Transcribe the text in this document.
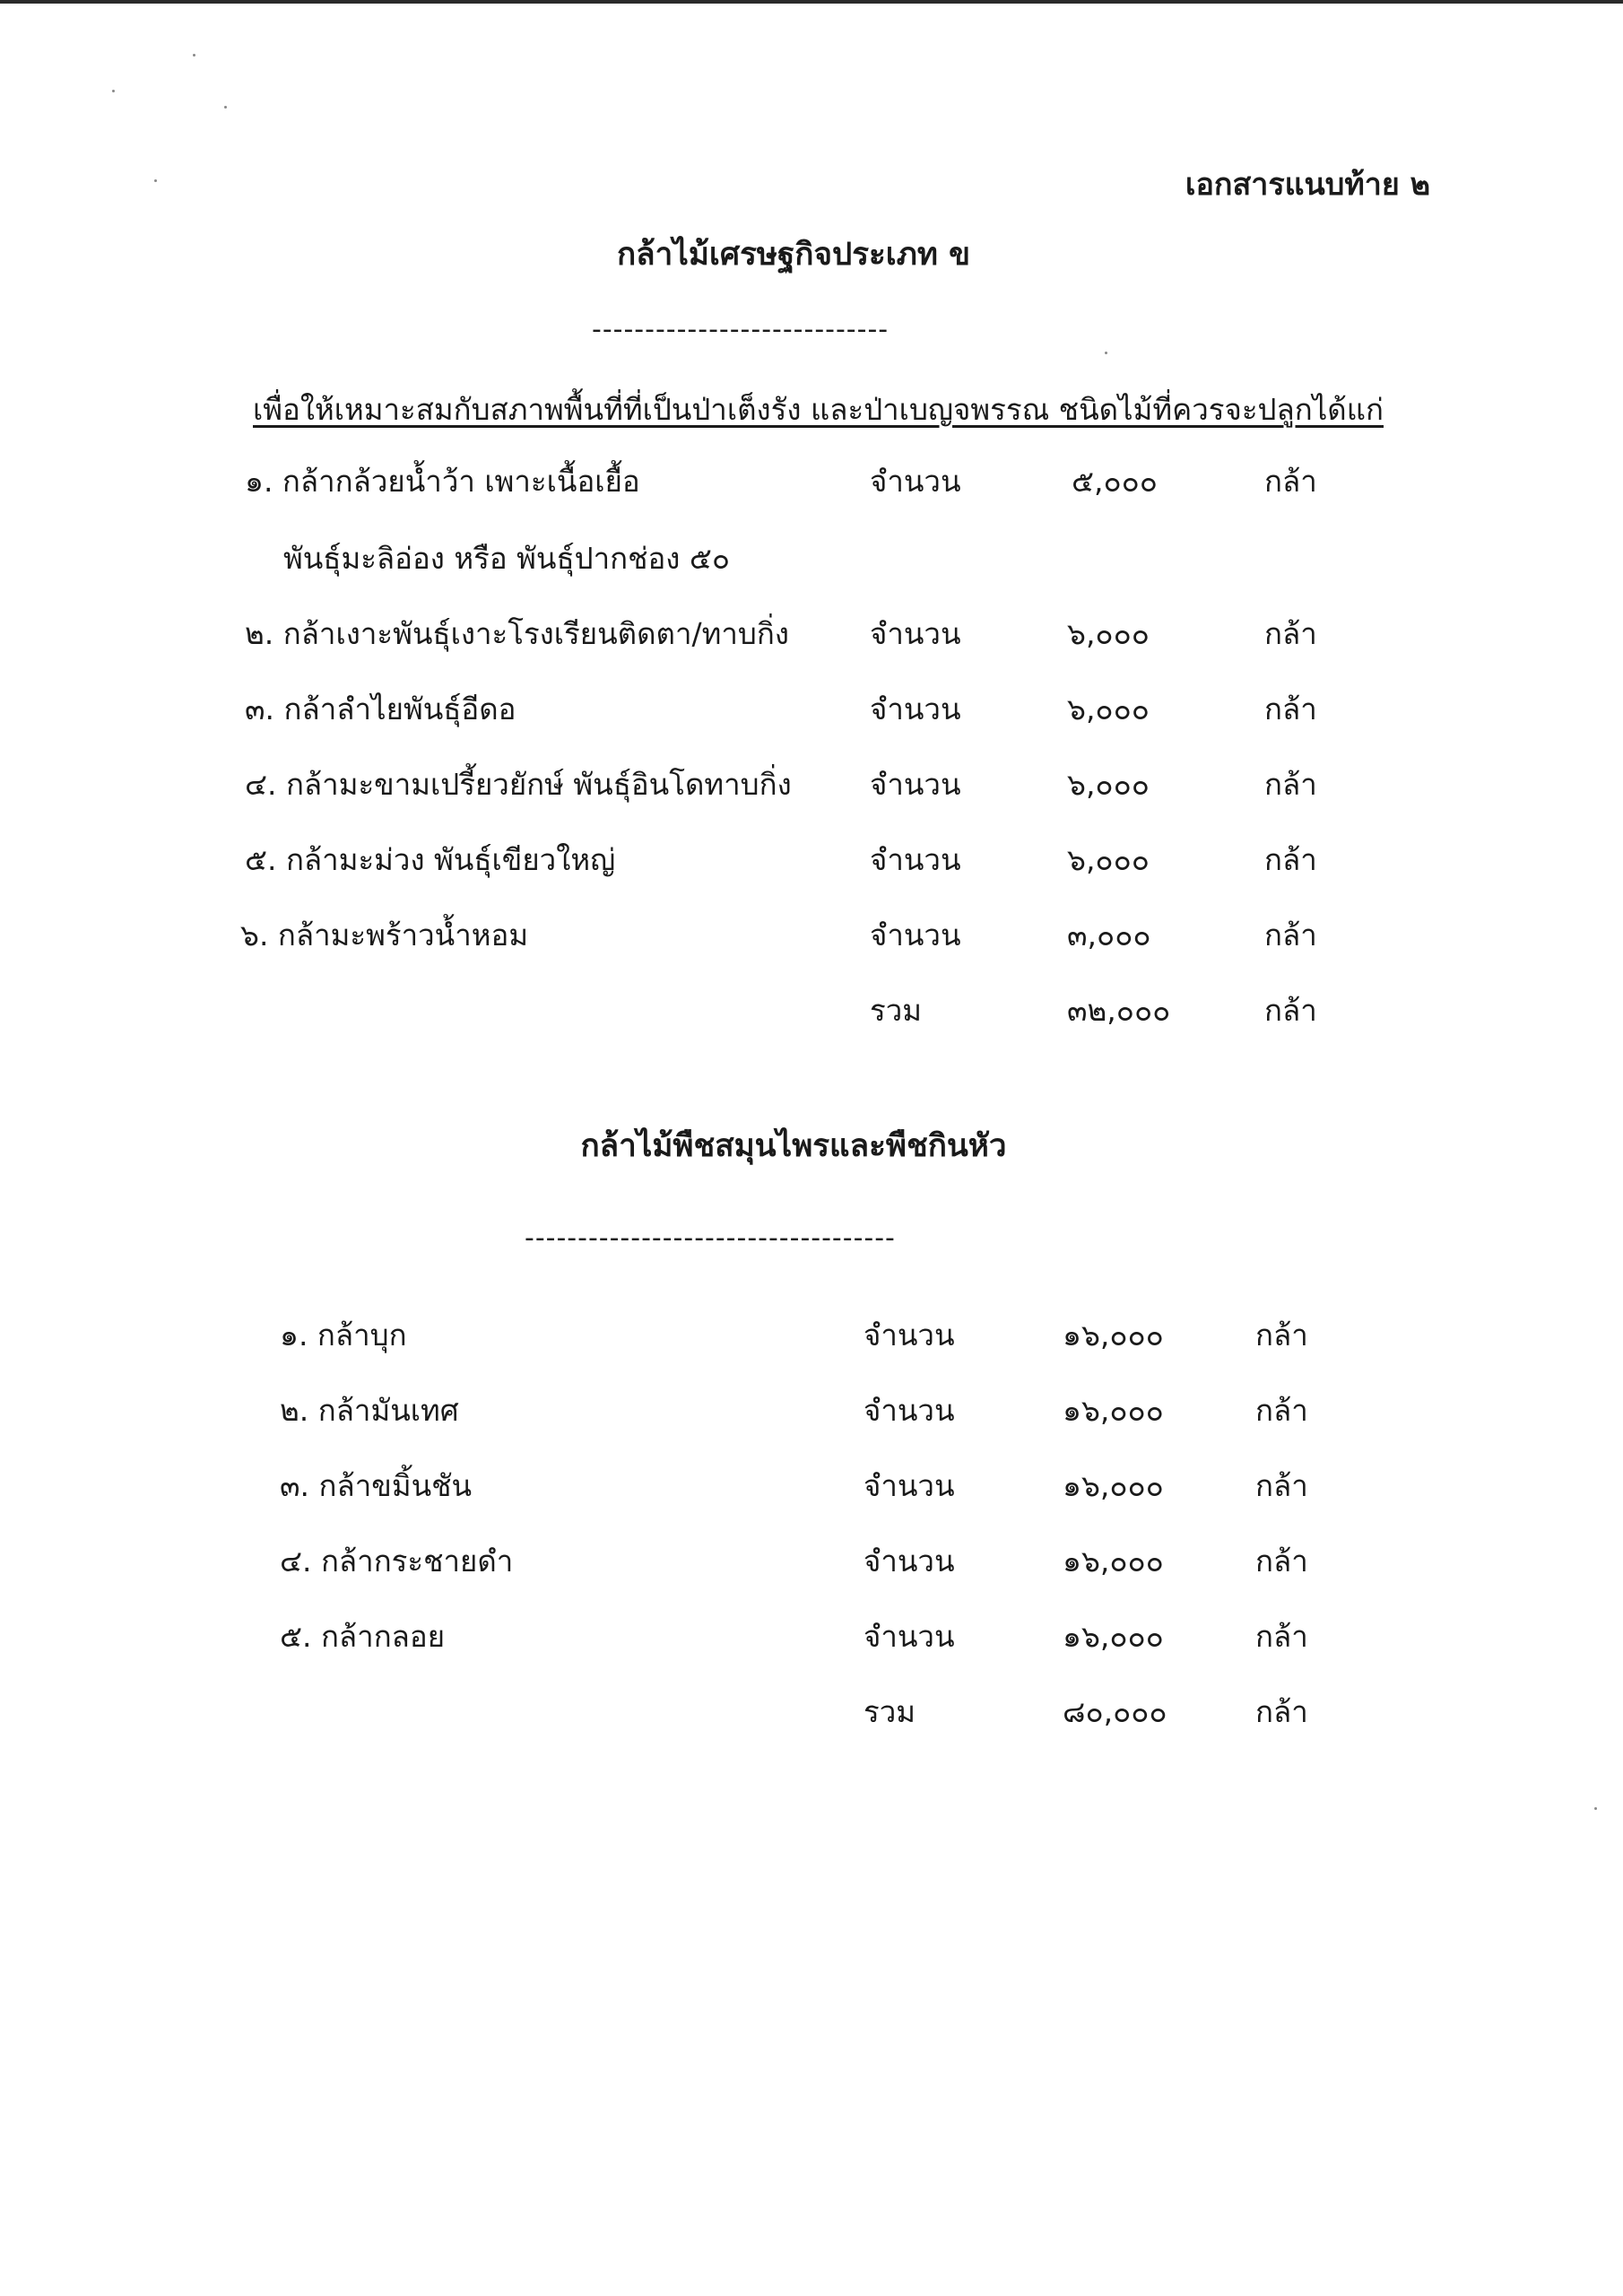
เอกสารแนบท้าย ๒
กล้าไม้เศรษฐกิจประเภท ข
----------------------------
เพื่อให้เหมาะสมกับสภาพพื้นที่ที่เป็นป่าเต็งรัง และป่าเบญจพรรณ ชนิดไม้ที่ควรจะปลูกได้แก่
๑. กล้ากล้วยน้ำว้า เพาะเนื้อเยื้อ	จำนวน	๕,๐๐๐	กล้า
พันธุ์มะลิอ่อง หรือ พันธุ์ปากช่อง ๕๐
๒. กล้าเงาะพันธุ์เงาะโรงเรียนติดตา/ทาบกิ่ง	จำนวน	๖,๐๐๐	กล้า
๓. กล้าลำไยพันธุ์อีดอ	จำนวน	๖,๐๐๐	กล้า
๔. กล้ามะขามเปรี้ยวยักษ์ พันธุ์อินโดทาบกิ่ง	จำนวน	๖,๐๐๐	กล้า
๕. กล้ามะม่วง พันธุ์เขียวใหญ่	จำนวน	๖,๐๐๐	กล้า
๖. กล้ามะพร้าวน้ำหอม	จำนวน	๓,๐๐๐	กล้า
รวม	๓๒,๐๐๐	กล้า
กล้าไม้พืชสมุนไพรและพืชกินหัว
-----------------------------------
๑. กล้าบุก	จำนวน	๑๖,๐๐๐	กล้า
๒. กล้ามันเทศ	จำนวน	๑๖,๐๐๐	กล้า
๓. กล้าขมิ้นชัน	จำนวน	๑๖,๐๐๐	กล้า
๔. กล้ากระชายดำ	จำนวน	๑๖,๐๐๐	กล้า
๕. กล้ากลอย	จำนวน	๑๖,๐๐๐	กล้า
รวม	๘๐,๐๐๐	กล้า
